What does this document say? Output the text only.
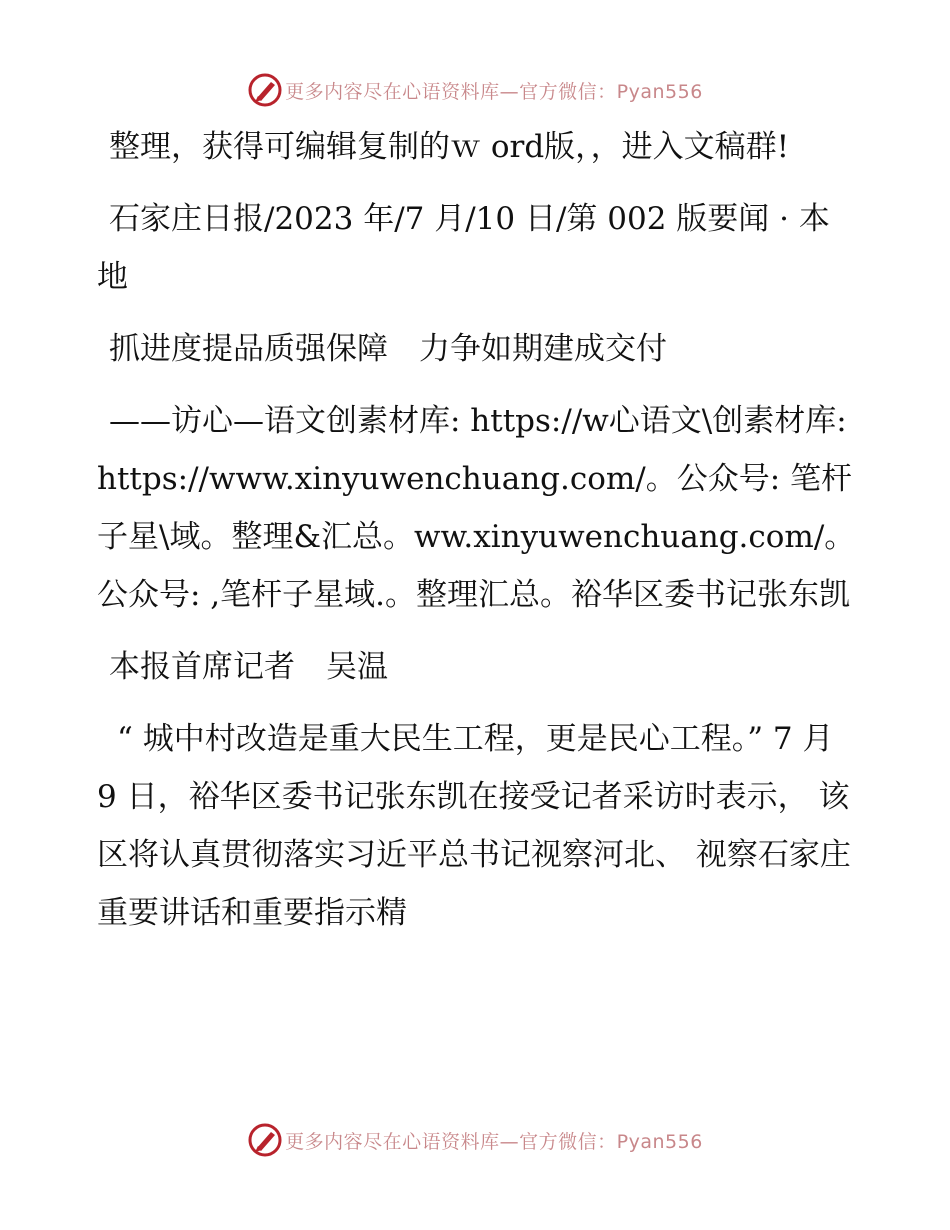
更多内容尽在心语资料库—官方微信：Pyan556

整理，获得可编辑复制的ｗ ord版，，进入文稿群!

石家庄日报/2023 年/7 月/10 日/第 002 版要闻 · 本地

抓进度提品质强保障　力争如期建成交付

——访心—语文创素材库: https://w心语文\创素材库: https://www.xinyuwenchuang.com/。公众号: 笔杆子星\域。整理&汇总。ww.xinyuwenchuang.com/。公众号: ,笔杆子星域.。整理汇总。裕华区委书记张东凯

本报首席记者　吴温

“ 城中村改造是重大民生工程，更是民心工程。” 7 月 9 日，裕华区委书记张东凯在接受记者采访时表示， 该区将认真贯彻落实习近平总书记视察河北、 视察石家庄重要讲话和重要指示精

更多内容尽在心语资料库—官方微信：Pyan556
